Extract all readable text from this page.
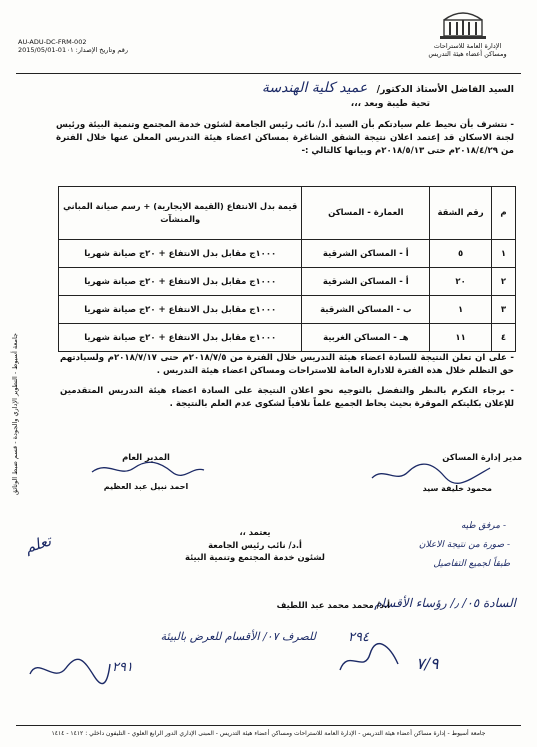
AU-ADU-DC-FRM-002
2015/05/01-01 رقم وتاريخ الإصدار: ٠١	الإدارة العامة للاستراحات
ومساكن أعضاء هيئة التدريس
السيد الفاضل الأستاذ الدكتور/ عميد كلية الهندسة
تحية طيبة وبعد ،،،
- نتشرف بأن نحيط علم سيادتكم بأن السيد أ.د/ نائب رئيس الجامعة لشئون خدمة المجتمع وتنمية البيئة ورئيس لجنة الاسكان قد إعتمد اعلان نتيجة الشقق الشاغرة بمساكن اعضاء هيئة التدريس المعلن عنها خلال الفترة من ٢٠١٨/٤/٢٩م حتى ٢٠١٨/٥/١٣م وبيانها كالتالي :-
م	رقم الشقة	العمارة - المساكن	قيمة بدل الانتفاع (القيمة الايجارية) + رسم صيانة المباني والمنشآت
١	٥	أ - المساكن الشرقية	١٠٠٠ج مقابل بدل الانتفاع + ٢٠ج صيانة شهريا
٢	٢٠	أ - المساكن الشرقية	١٠٠٠ج مقابل بدل الانتفاع + ٢٠ج صيانة شهريا
٣	١	ب - المساكن الشرقية	١٠٠٠ج مقابل بدل الانتفاع + ٢٠ج صيانة شهريا
٤	١١	هـ - المساكن الغربية	١٠٠٠ج مقابل بدل الانتفاع + ٢٠ج صيانة شهريا
- على ان تعلن النتيجة للسادة اعضاء هيئة التدريس خلال الفترة من ٢٠١٨/٧/٥م حتى ٢٠١٨/٧/١٧م ولسيادتهم حق التظلم خلال هذه الفترة للادارة العامة للاستراحات ومساكن اعضاء هيئة التدريس .
- برجاء التكرم بالنظر والتفضل بالتوجيه نحو اعلان النتيجة على السادة اعضاء هيئة التدريس المتقدمين للإعلان بكليتكم الموقرة بحيث يحاط الجميع علماً تلافياً لشكوى عدم العلم بالنتيجة .
المدير العام
احمد نبيل عبد العظيم
مدير إدارة المساكن
محمود خليفة سيد
يعتمد ،،
أ.د/ نائب رئيس الجامعة
لشئون خدمة المجتمع وتنمية البيئة
- مرفق طيه
- صورة من نتيجة الاعلان
طبقاً لجميع التفاصيل
تعلم
السادة ٠٥/ ٫/ رؤساء الأقسام
أ.د/ محمد محمد عبد اللطيف
للصرف ٠٧/ الأقسام للعرض بالبيئة
٢٩١
٢٩٤
٧/٩
جامعة أسيوط - التطوير الإداري والجودة - قسم ضبط الوثائق
جامعة أسيوط - إدارة مساكن أعضاء هيئة التدريس - الإدارة العامة للاستراحات ومساكن أعضاء هيئة التدريس - المبنى الإداري الدور الرابع العلوي - التليفون داخلي : ١٤١٢ - ١٤١٤
